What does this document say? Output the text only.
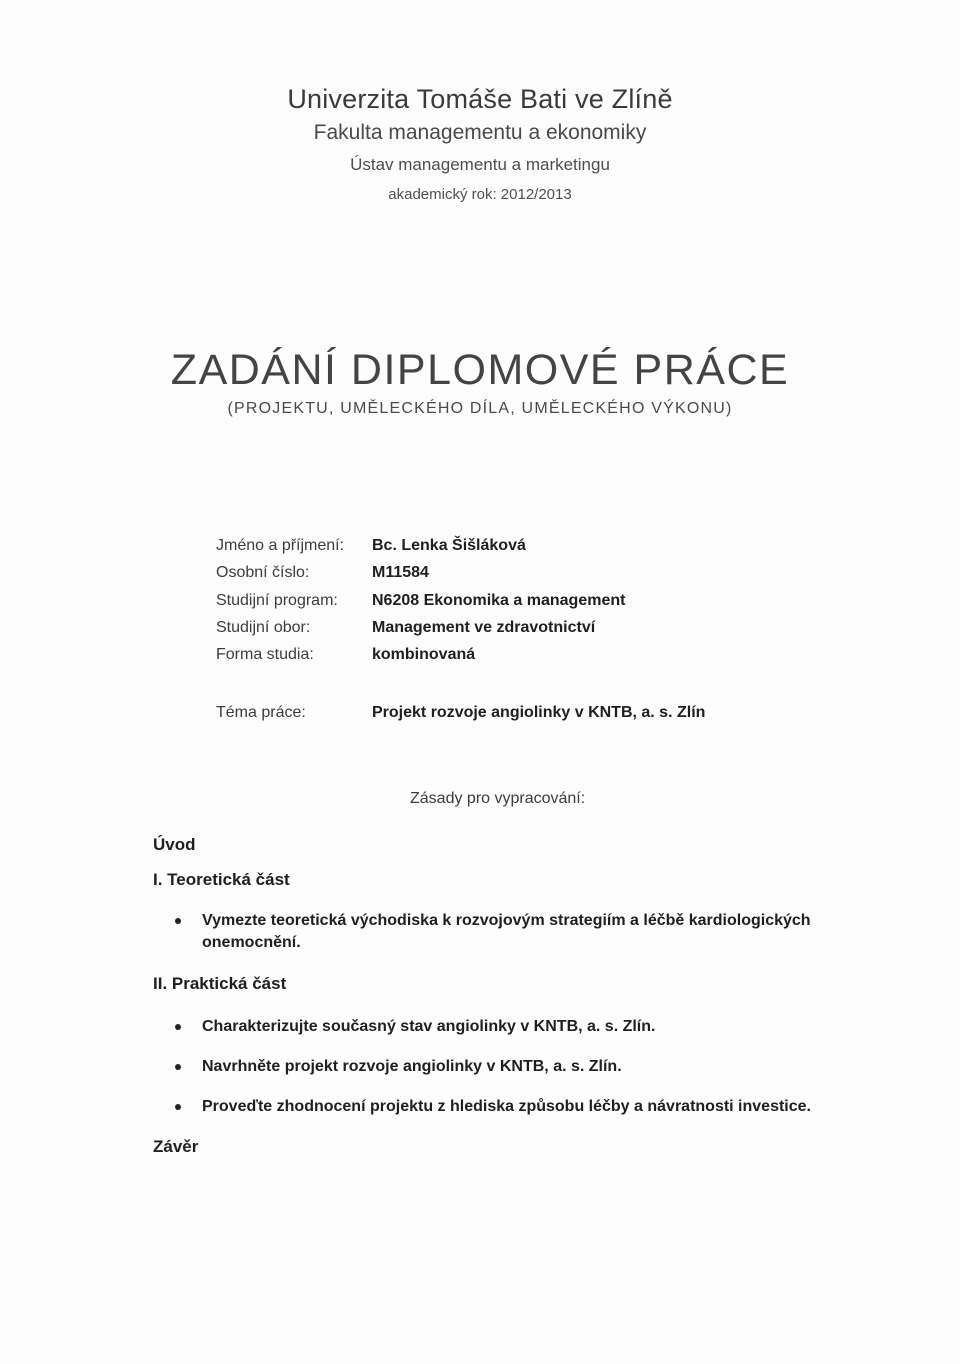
Univerzita Tomáše Bati ve Zlíně
Fakulta managementu a ekonomiky
Ústav managementu a marketingu
akademický rok: 2012/2013
ZADÁNÍ DIPLOMOVÉ PRÁCE
(PROJEKTU, UMĚLECKÉHO DÍLA, UMĚLECKÉHO VÝKONU)
Jméno a příjmení: Bc. Lenka Šišláková
Osobní číslo:	M11584
Studijní program: N6208 Ekonomika a management
Studijní obor:	Management ve zdravotnictví
Forma studia:	kombinovaná
Téma práce:	Projekt rozvoje angiolinky v KNTB, a. s. Zlín
Zásady pro vypracování:
Úvod
I. Teoretická část
Vymezte teoretická východiska k rozvojovým strategiím a léčbě kardiologických onemocnění.
II. Praktická část
Charakterizujte současný stav angiolinky v KNTB, a. s. Zlín.
Navrhněte projekt rozvoje angiolinky v KNTB, a. s. Zlín.
Proveďte zhodnocení projektu z hlediska způsobu léčby a návratnosti investice.
Závěr
